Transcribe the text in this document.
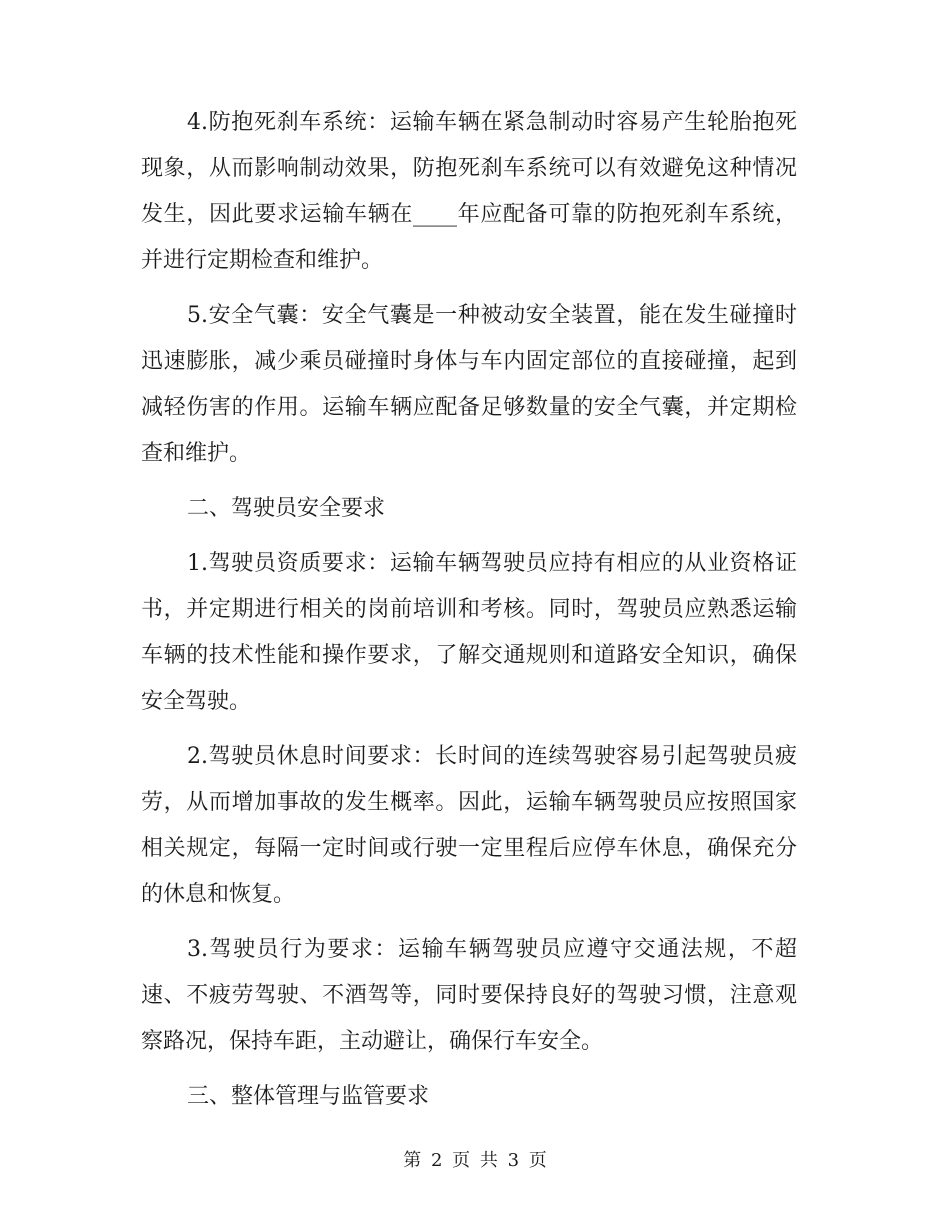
4.防抱死刹车系统：运输车辆在紧急制动时容易产生轮胎抱死现象，从而影响制动效果，防抱死刹车系统可以有效避免这种情况发生，因此要求运输车辆在____年应配备可靠的防抱死刹车系统，并进行定期检查和维护。

5.安全气囊：安全气囊是一种被动安全装置，能在发生碰撞时迅速膨胀，减少乘员碰撞时身体与车内固定部位的直接碰撞，起到减轻伤害的作用。运输车辆应配备足够数量的安全气囊，并定期检查和维护。

二、驾驶员安全要求

1.驾驶员资质要求：运输车辆驾驶员应持有相应的从业资格证书，并定期进行相关的岗前培训和考核。同时，驾驶员应熟悉运输车辆的技术性能和操作要求，了解交通规则和道路安全知识，确保安全驾驶。

2.驾驶员休息时间要求：长时间的连续驾驶容易引起驾驶员疲劳，从而增加事故的发生概率。因此，运输车辆驾驶员应按照国家相关规定，每隔一定时间或行驶一定里程后应停车休息，确保充分的休息和恢复。

3.驾驶员行为要求：运输车辆驾驶员应遵守交通法规，不超速、不疲劳驾驶、不酒驾等，同时要保持良好的驾驶习惯，注意观察路况，保持车距，主动避让，确保行车安全。

三、整体管理与监管要求

第 2 页 共 3 页
